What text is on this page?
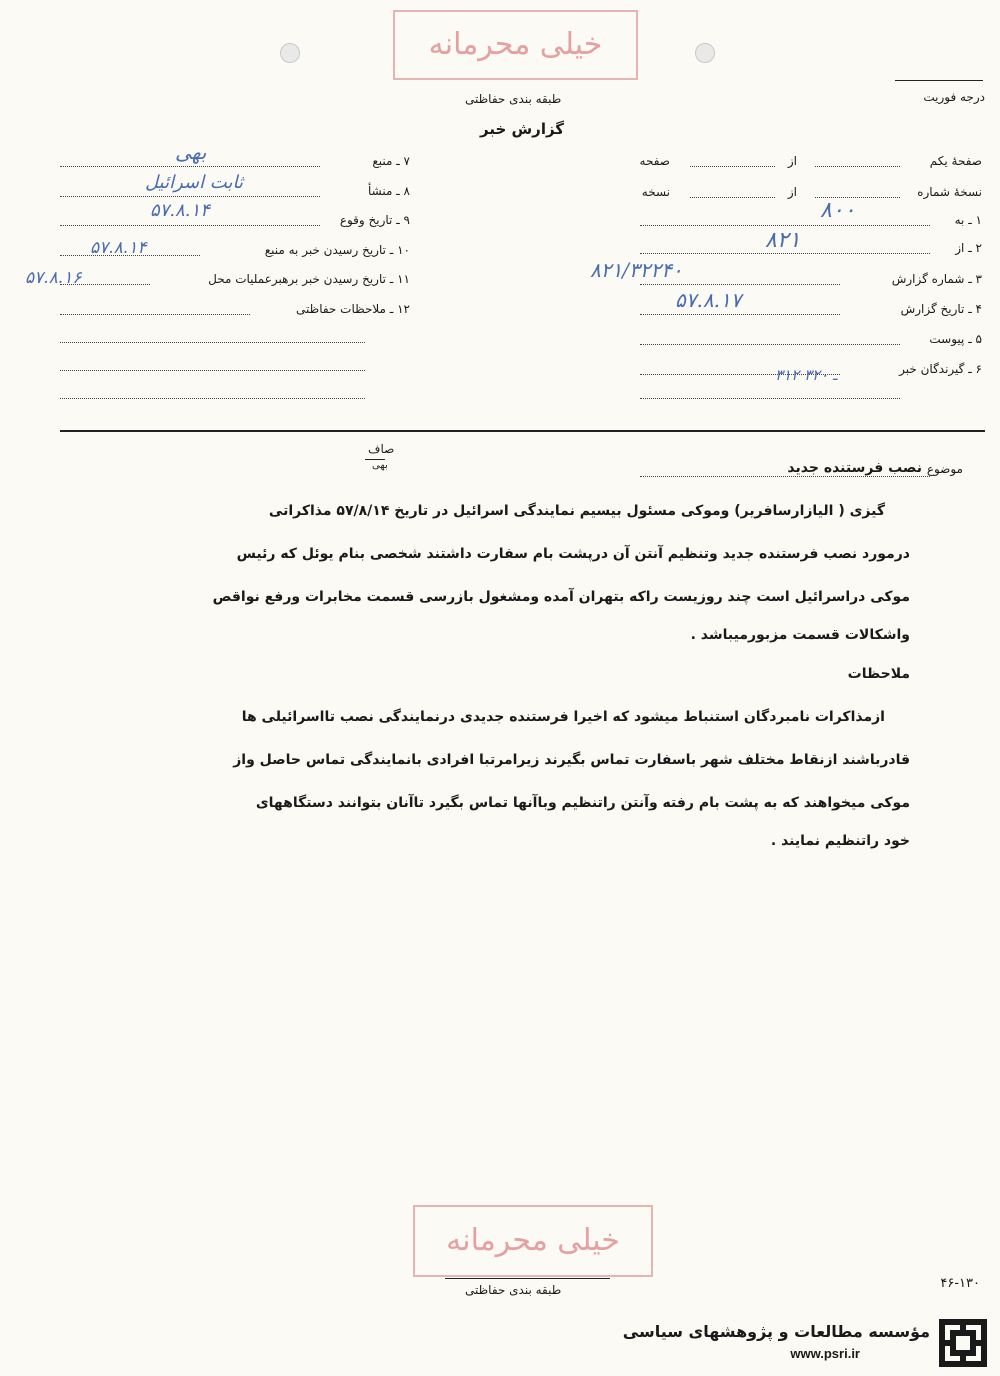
خیلی محرمانه
درجه فوریت
طبقه بندی حفاظتی
گزارش خبر
صفحهٔ یکم
از
صفحه
نسخهٔ شماره
از
نسخه
۱ ـ به
۸۰۰
۲ ـ از
۸۲۱
۳ ـ شماره گزارش
۸۲۱/۳۲۲۴۰
۴ ـ تاریخ گزارش
۵۷.۸.۱۷
۵ ـ پیوست
۶ ـ گیرندگان خبر
۳۱۲ ـ ۳۲۰
۷ ـ منبع
بهی
۸ ـ منشأ
ثابت اسرائیل
۹ ـ تاریخ وقوع
۵۷.۸.۱۴
۱۰ ـ تاریخ رسیدن خبر به منبع
۵۷.۸.۱۴
۱۱ ـ تاریخ رسیدن خبر برهبرعملیات محل
۵۷.۸.۱۶
۱۲ ـ ملاحظات حفاظتی
صاف
بهی	موضوع
نصب فرستنده جدید
گیزی ( الیازارسافریر) وموکی مسئول بیسیم نمایندگی اسرائیل در تاریخ ۵۷/۸/۱۴ مذاکراتی
درمورد نصب فرستنده جدید وتنظیم آنتن آن درپشت بام سفارت داشتند شخصی بنام یوئل که رئیس
موکی دراسرائیل است چند روزیست راکه بتهران آمده ومشغول بازرسی قسمت مخابرات ورفع نواقص
واشکالات قسمت مزبورمیباشد .
ملاحظات
ازمذاکرات نامبردگان استنباط میشود که اخیرا فرستنده جدیدی درنمایندگی نصب تااسرائیلی ها
قادرباشند ازنقاط مختلف شهر باسفارت تماس بگیرند زیرامرتبا افرادی بانمایندگی تماس حاصل واز
موکی میخواهند که به پشت بام رفته وآنتن راتنظیم وباآنها تماس بگیرد تاآنان بتوانند دستگاههای
خود راتنظیم نمایند .
خیلی محرمانه
طبقه بندی حفاظتی	۴۶-۱۳۰
مؤسسه مطالعات و پژوهشهای سیاسی
www.psri.ir
